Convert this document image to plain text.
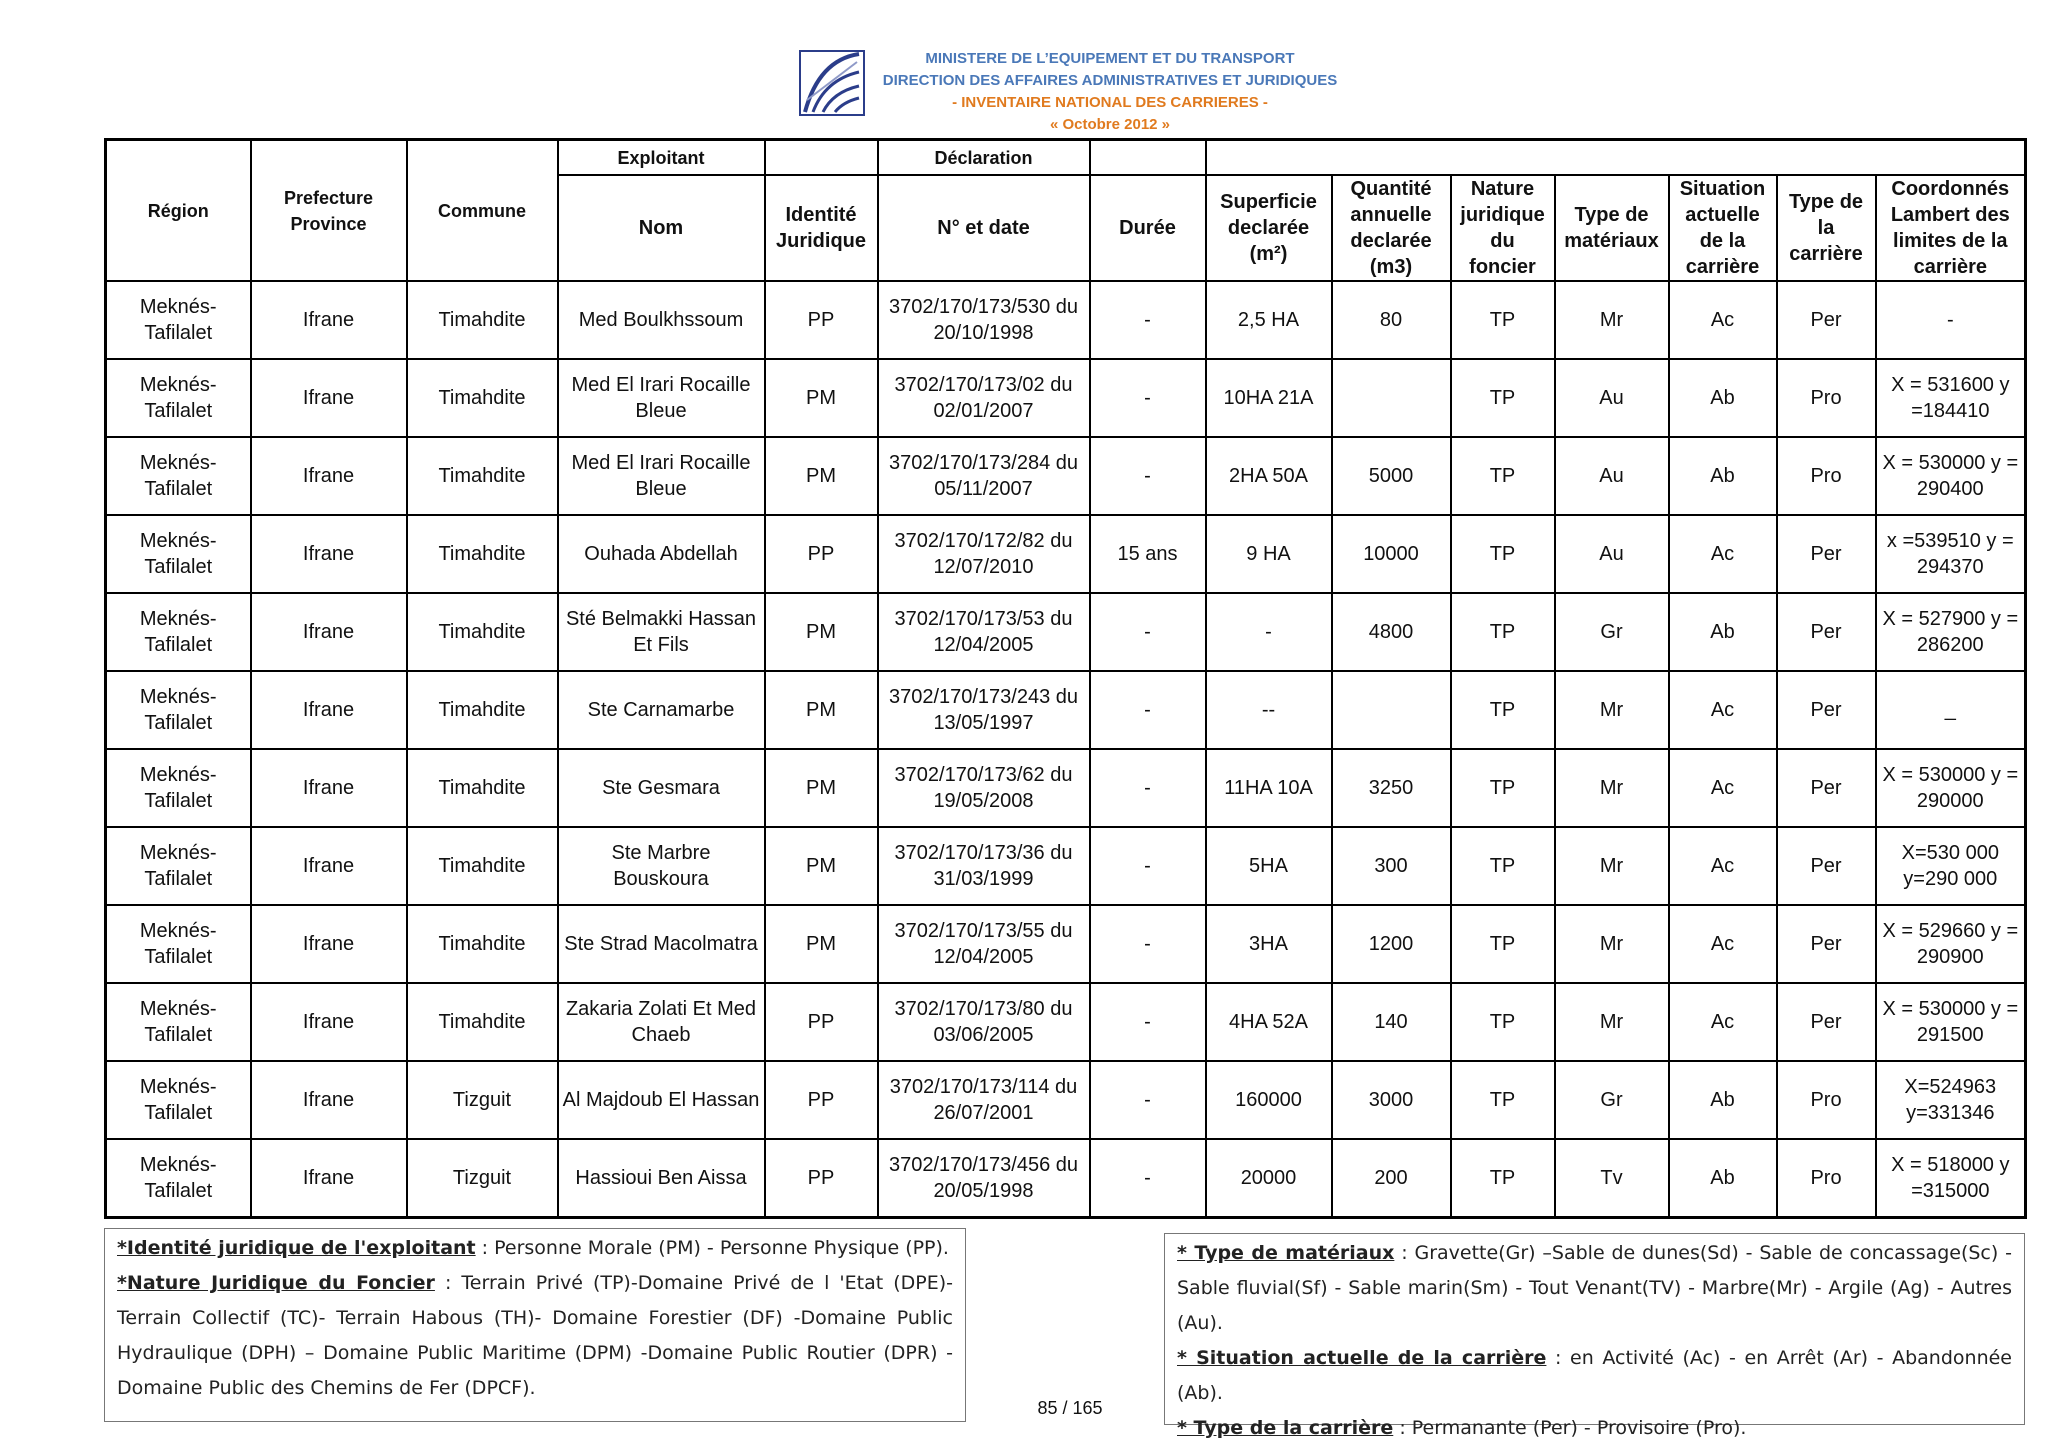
MINISTERE DE L’EQUIPEMENT ET DU TRANSPORT
DIRECTION DES AFFAIRES ADMINISTRATIVES ET JURIDIQUES
- INVENTAIRE NATIONAL DES CARRIERES -
« Octobre 2012 »
Région	Prefecture Province	Commune	Exploitant		Déclaration								
			Nom	Identité Juridique	N° et date	Durée	Superficie declarée (m²)	Quantité annuelle declarée (m3)	Nature juridique du foncier	Type de matériaux	Situation actuelle de la carrière	Type de la carrière	Coordonnés Lambert des limites de la carrière
Meknés-Tafilalet	Ifrane	Timahdite	Med Boulkhssoum	PP	3702/170/173/530 du 20/10/1998	-	2,5 HA	80	TP	Mr	Ac	Per	-
Meknés-Tafilalet	Ifrane	Timahdite	Med El Irari Rocaille Bleue	PM	3702/170/173/02 du 02/01/2007	-	10HA 21A		TP	Au	Ab	Pro	X = 531600 y =184410
Meknés-Tafilalet	Ifrane	Timahdite	Med El Irari Rocaille Bleue	PM	3702/170/173/284 du 05/11/2007	-	2HA 50A	5000	TP	Au	Ab	Pro	X = 530000 y = 290400
Meknés-Tafilalet	Ifrane	Timahdite	Ouhada Abdellah	PP	3702/170/172/82 du 12/07/2010	15 ans	9 HA	10000	TP	Au	Ac	Per	x =539510 y = 294370
Meknés-Tafilalet	Ifrane	Timahdite	Sté Belmakki Hassan Et Fils	PM	3702/170/173/53 du 12/04/2005	-	-	4800	TP	Gr	Ab	Per	X = 527900 y = 286200
Meknés-Tafilalet	Ifrane	Timahdite	Ste Carnamarbe	PM	3702/170/173/243 du 13/05/1997	-	--		TP	Mr	Ac	Per	_
Meknés-Tafilalet	Ifrane	Timahdite	Ste Gesmara	PM	3702/170/173/62 du 19/05/2008	-	11HA 10A	3250	TP	Mr	Ac	Per	X = 530000 y = 290000
Meknés-Tafilalet	Ifrane	Timahdite	Ste Marbre Bouskoura	PM	3702/170/173/36 du 31/03/1999	-	5HA	300	TP	Mr	Ac	Per	X=530 000 y=290 000
Meknés-Tafilalet	Ifrane	Timahdite	Ste Strad Macolmatra	PM	3702/170/173/55 du 12/04/2005	-	3HA	1200	TP	Mr	Ac	Per	X = 529660 y = 290900
Meknés-Tafilalet	Ifrane	Timahdite	Zakaria Zolati Et Med Chaeb	PP	3702/170/173/80 du 03/06/2005	-	4HA 52A	140	TP	Mr	Ac	Per	X = 530000 y = 291500
Meknés-Tafilalet	Ifrane	Tizguit	Al Majdoub El Hassan	PP	3702/170/173/114 du 26/07/2001	-	160000	3000	TP	Gr	Ab	Pro	X=524963 y=331346
Meknés-Tafilalet	Ifrane	Tizguit	Hassioui Ben Aissa	PP	3702/170/173/456 du 20/05/1998	-	20000	200	TP	Tv	Ab	Pro	X = 518000 y =315000

*Identité juridique de l'exploitant : Personne Morale (PM) - Personne Physique (PP).

*Nature Juridique du Foncier : Terrain Privé (TP)-Domaine Privé de l 'Etat (DPE)-Terrain Collectif (TC)- Terrain Habous (TH)- Domaine Forestier (DF) -Domaine Public Hydraulique (DPH) – Domaine Public Maritime (DPM) -Domaine Public Routier (DPR) -Domaine Public des Chemins de Fer (DPCF).

* Type de matériaux : Gravette(Gr) –Sable de dunes(Sd) - Sable de concassage(Sc) - Sable fluvial(Sf) - Sable marin(Sm) - Tout Venant(TV) - Marbre(Mr) - Argile (Ag) - Autres (Au).

* Situation actuelle de la carrière : en Activité (Ac) - en Arrêt (Ar) - Abandonnée (Ab).

* Type de la carrière : Permanante (Per) - Provisoire (Pro).

85 / 165
